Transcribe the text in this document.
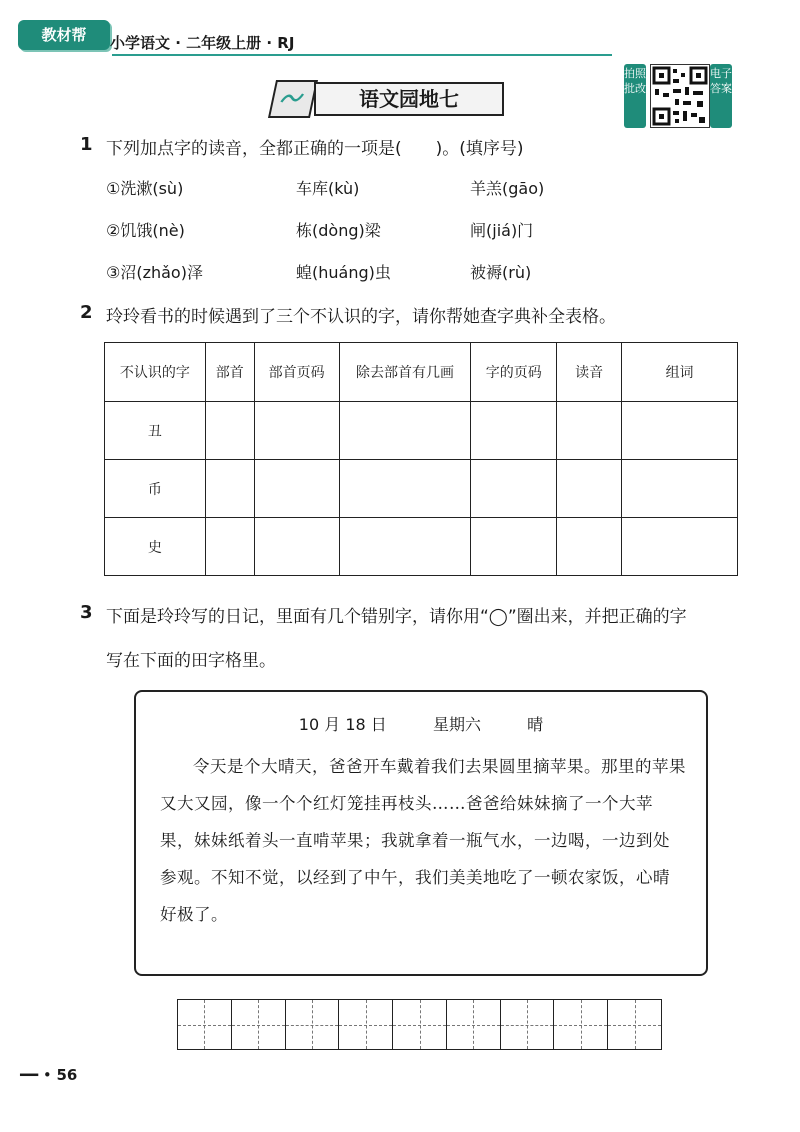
教材帮	小学语文 · 二年级上册 · RJ
语文园地七
拍照批改
电子答案
1 下列加点字的读音，全都正确的一项是(　　)。(填序号)
①洗漱(sù)	车库(kù)	羊羔(gāo)
②饥饿(nè)	栋(dòng)梁	闸(jiá)门
③沼(zhǎo)泽	蝗(huáng)虫	被褥(rù)
2 玲玲看书的时候遇到了三个不认识的字，请你帮她查字典补全表格。
不认识的字	部首	部首页码	除去部首有几画	字的页码	读音	组词
丑						
币						
史						
3 下面是玲玲写的日记，里面有几个错别字，请你用“◯”圈出来，并把正确的字
写在下面的田字格里。
10 月 18 日	星期六	晴
令天是个大晴天，爸爸开车戴着我们去果圆里摘苹果。那里的苹果又大又园，像一个个红灯笼挂再枝头……爸爸给妹妹摘了一个大苹果，妹妹纸着头一直啃苹果；我就拿着一瓶气水，一边喝，一边到处参观。不知不觉，以经到了中午，我们美美地吃了一顿农家饭，心晴好极了。
━━ • 56
